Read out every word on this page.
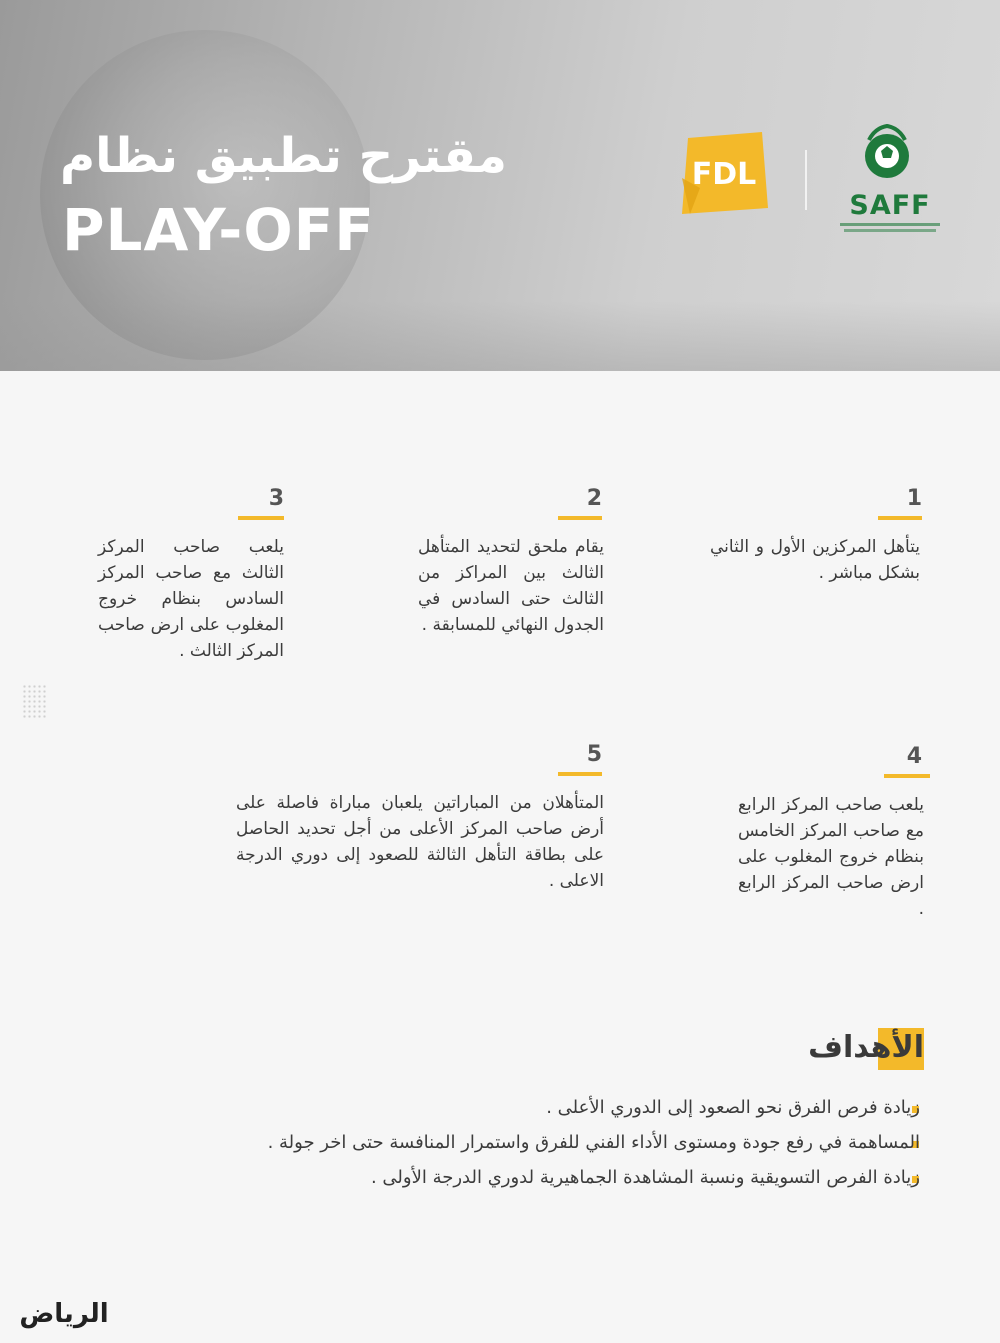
مقترح تطبيق نظام
PLAY-OFF
FDL
SAFF
1
يتأهل المركزين الأول و الثاني بشكل مباشر .
2
يقام ملحق لتحديد المتأهل الثالث بين المراكز من الثالث حتى السادس في الجدول النهائي للمسابقة .
3
يلعب صاحب المركز الثالث مع صاحب المركز السادس بنظام خروج المغلوب على ارض صاحب المركز الثالث .
4
يلعب صاحب المركز الرابع مع صاحب المركز الخامس بنظام خروج المغلوب على ارض صاحب المركز الرابع .
5
المتأهلان من المباراتين يلعبان مباراة فاصلة على أرض صاحب المركز الأعلى من أجل تحديد الحاصل على بطاقة التأهل الثالثة للصعود إلى دوري الدرجة الاعلى .
الأهداف
زيادة فرص الفرق نحو الصعود إلى الدوري الأعلى .
المساهمة في رفع جودة ومستوى الأداء الفني للفرق واستمرار المنافسة حتى اخر جولة .
زيادة الفرص التسويقية ونسبة المشاهدة الجماهيرية لدوري الدرجة الأولى .
الرياض
